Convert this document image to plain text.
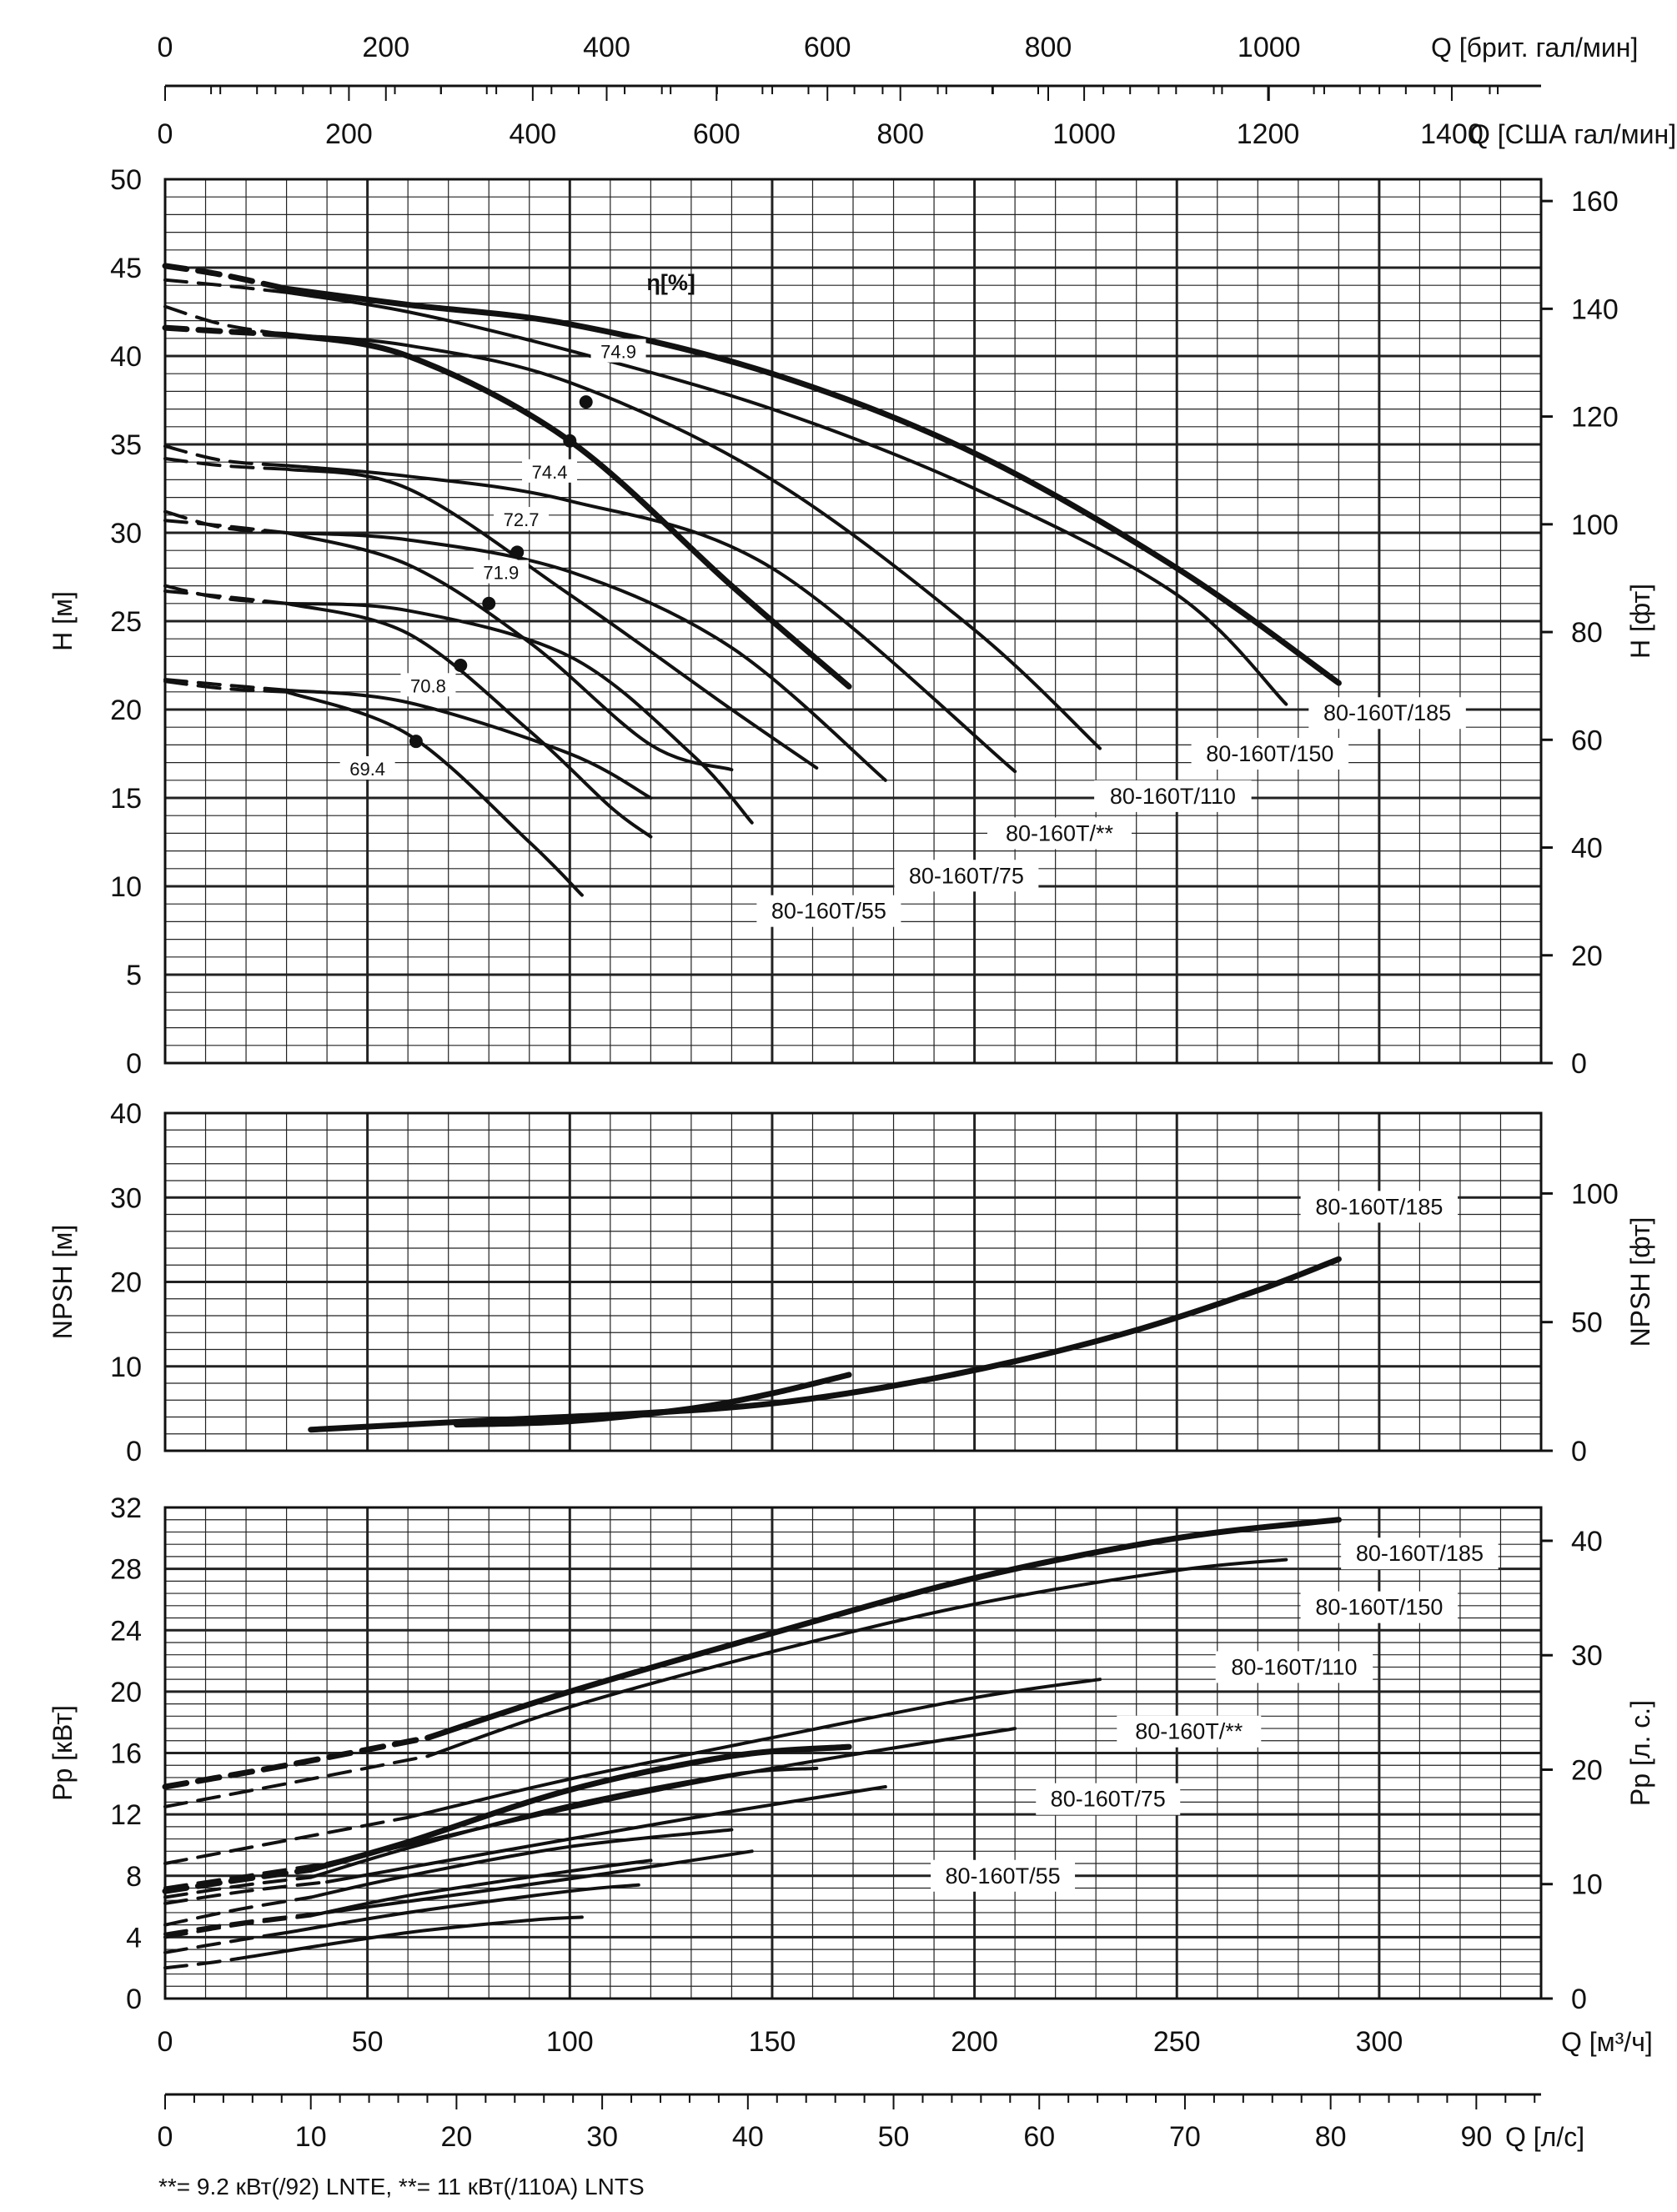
0
5
10
15
20
25
30
35
40
45
50
0
20
40
60
80
100
120
140
160
H [м]	H [фт]
0
10
20
30
40
0
50
100
NPSH [м]	NPSH [фт]
0
4
8
12
16
20
24
28
32
0
10
20
30
40
Pp [кВт]	Pp [л. с.]
0	50	100	150	200	250	300	Q [м³/ч]
0	10	20	30	40	50	60	70	80	90 Q [л/с]
0	200	400	600	800	1000	1200	1400
Q [США гал/мин]
0	200	400	600	800	1000	Q [брит. гал/мин]
74.9
74.4
72.7
71.9
70.8
69.4
80-160T/185
80-160T/150
80-160T/110
80-160T/**
80-160T/75
80-160T/55
80-160T/185
80-160T/185
80-160T/150
80-160T/110
80-160T/**
80-160T/75
80-160T/55
η[%]
**= 9.2 кВт(/92) LNTE, **= 11 кВт(/110A) LNTS
